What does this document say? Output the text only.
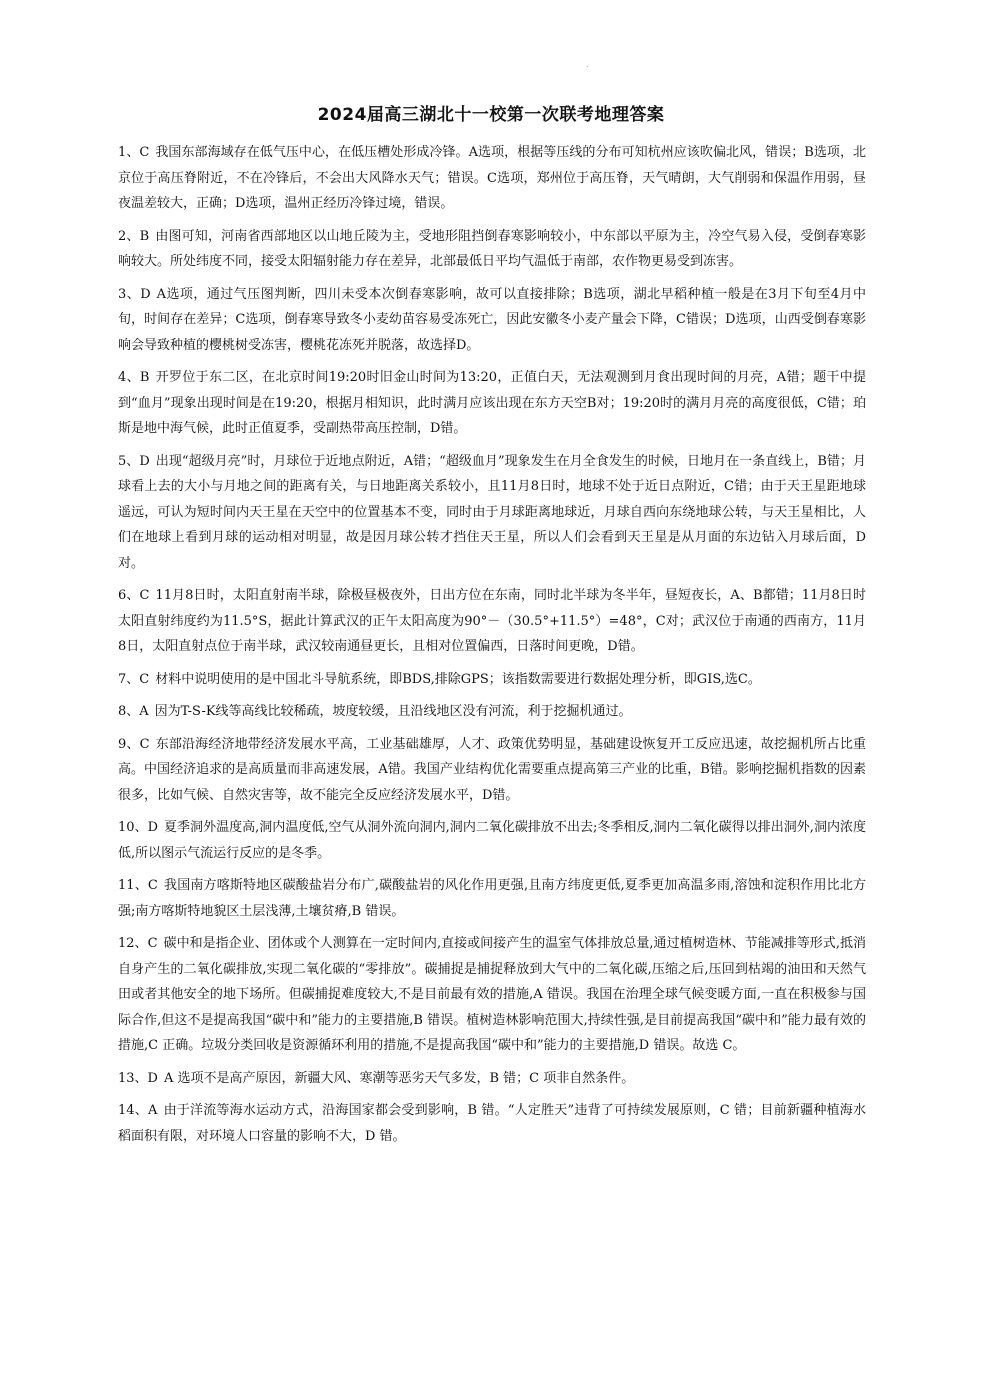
.
2024届高三湖北十一校第一次联考地理答案

1、C 我国东部海域存在低气压中心，在低压槽处形成冷锋。A选项，根据等压线的分布可知杭州应该吹偏北风，错误；B选项，北京位于高压脊附近，不在冷锋后，不会出大风降水天气；错误。C选项，郑州位于高压脊，天气晴朗，大气削弱和保温作用弱，昼夜温差较大，正确；D选项，温州正经历冷锋过境，错误。

2、B 由图可知，河南省西部地区以山地丘陵为主，受地形阻挡倒春寒影响较小，中东部以平原为主，冷空气易入侵，受倒春寒影响较大。所处纬度不同，接受太阳辐射能力存在差异，北部最低日平均气温低于南部，农作物更易受到冻害。

3、D A选项，通过气压图判断，四川未受本次倒春寒影响，故可以直接排除；B选项，湖北早稻种植一般是在3月下旬至4月中旬，时间存在差异；C选项，倒春寒导致冬小麦幼苗容易受冻死亡，因此安徽冬小麦产量会下降，C错误；D选项，山西受倒春寒影响会导致种植的樱桃树受冻害，樱桃花冻死并脱落，故选择D。

4、B 开罗位于东二区，在北京时间19:20时旧金山时间为13:20，正值白天，无法观测到月食出现时间的月亮，A错；题干中提到“血月”现象出现时间是在19:20，根据月相知识，此时满月应该出现在东方天空B对；19:20时的满月月亮的高度很低，C错；珀斯是地中海气候，此时正值夏季，受副热带高压控制，D错。

5、D 出现“超级月亮”时，月球位于近地点附近，A错；“超级血月”现象发生在月全食发生的时候，日地月在一条直线上，B错；月球看上去的大小与月地之间的距离有关，与日地距离关系较小，且11月8日时，地球不处于近日点附近，C错；由于天王星距地球遥远，可认为短时间内天王星在天空中的位置基本不变，同时由于月球距离地球近，月球自西向东绕地球公转，与天王星相比，人们在地球上看到月球的运动相对明显，故是因月球公转才挡住天王星，所以人们会看到天王星是从月面的东边钻入月球后面，D对。

6、C 11月8日时，太阳直射南半球，除极昼极夜外，日出方位在东南，同时北半球为冬半年，昼短夜长，A、B都错；11月8日时太阳直射纬度约为11.5°S，据此计算武汉的正午太阳高度为90°－（30.5°+11.5°）=48°，C对；武汉位于南通的西南方，11月8日，太阳直射点位于南半球，武汉较南通昼更长，且相对位置偏西，日落时间更晚，D错。

7、C 材料中说明使用的是中国北斗导航系统，即BDS,排除GPS；该指数需要进行数据处理分析，即GIS,选C。

8、A 因为T-S-K线等高线比较稀疏，坡度较缓，且沿线地区没有河流，利于挖掘机通过。

9、C 东部沿海经济地带经济发展水平高，工业基础雄厚，人才、政策优势明显，基础建设恢复开工反应迅速，故挖掘机所占比重高。中国经济追求的是高质量而非高速发展，A错。我国产业结构优化需要重点提高第三产业的比重，B错。影响挖掘机指数的因素很多，比如气候、自然灾害等，故不能完全反应经济发展水平，D错。

10、D 夏季洞外温度高,洞内温度低,空气从洞外流向洞内,洞内二氧化碳排放不出去;冬季相反,洞内二氧化碳得以排出洞外,洞内浓度低,所以图示气流运行反应的是冬季。

11、C 我国南方喀斯特地区碳酸盐岩分布广,碳酸盐岩的风化作用更强,且南方纬度更低,夏季更加高温多雨,溶蚀和淀积作用比北方强;南方喀斯特地貌区土层浅薄,土壤贫瘠,B 错误。

12、C 碳中和是指企业、团体或个人测算在一定时间内,直接或间接产生的温室气体排放总量,通过植树造林、节能减排等形式,抵消自身产生的二氧化碳排放,实现二氧化碳的“零排放”。碳捕捉是捕捉释放到大气中的二氧化碳,压缩之后,压回到枯竭的油田和天然气田或者其他安全的地下场所。但碳捕捉难度较大,不是目前最有效的措施,A 错误。我国在治理全球气候变暖方面,一直在积极参与国际合作,但这不是提高我国“碳中和”能力的主要措施,B 错误。植树造林影响范围大,持续性强,是目前提高我国“碳中和”能力最有效的措施,C 正确。垃圾分类回收是资源循环利用的措施,不是提高我国“碳中和”能力的主要措施,D 错误。故选 C。

13、D A 选项不是高产原因，新疆大风、寒潮等恶劣天气多发，B 错；C 项非自然条件。

14、A 由于洋流等海水运动方式，沿海国家都会受到影响，B 错。“人定胜天”违背了可持续发展原则，C 错；目前新疆种植海水稻面积有限，对环境人口容量的影响不大，D 错。
